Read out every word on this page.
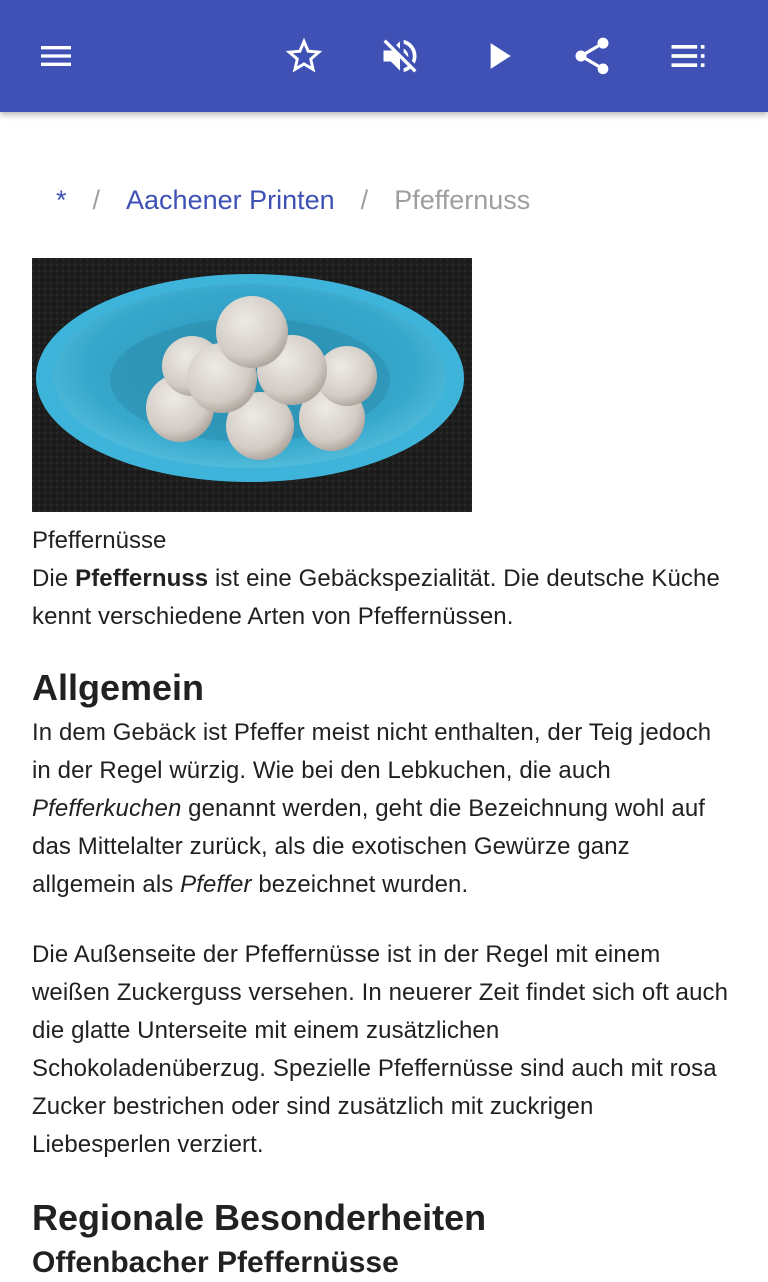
* / Aachener Printen / Pfeffernuss
Pfeffernüsse

Die Pfeffernuss ist eine Gebäckspezialität. Die deutsche Küche kennt verschiedene Arten von Pfeffernüssen.

Allgemein

In dem Gebäck ist Pfeffer meist nicht enthalten, der Teig jedoch in der Regel würzig. Wie bei den Lebkuchen, die auch Pfefferkuchen genannt werden, geht die Bezeichnung wohl auf das Mittelalter zurück, als die exotischen Gewürze ganz allgemein als Pfeffer bezeichnet wurden.

Die Außenseite der Pfeffernüsse ist in der Regel mit einem weißen Zuckerguss versehen. In neuerer Zeit findet sich oft auch die glatte Unterseite mit einem zusätzlichen Schokoladenüberzug. Spezielle Pfeffernüsse sind auch mit rosa Zucker bestrichen oder sind zusätzlich mit zuckrigen Liebesperlen verziert.

Regionale Besonderheiten
Offenbacher Pfeffernüsse
